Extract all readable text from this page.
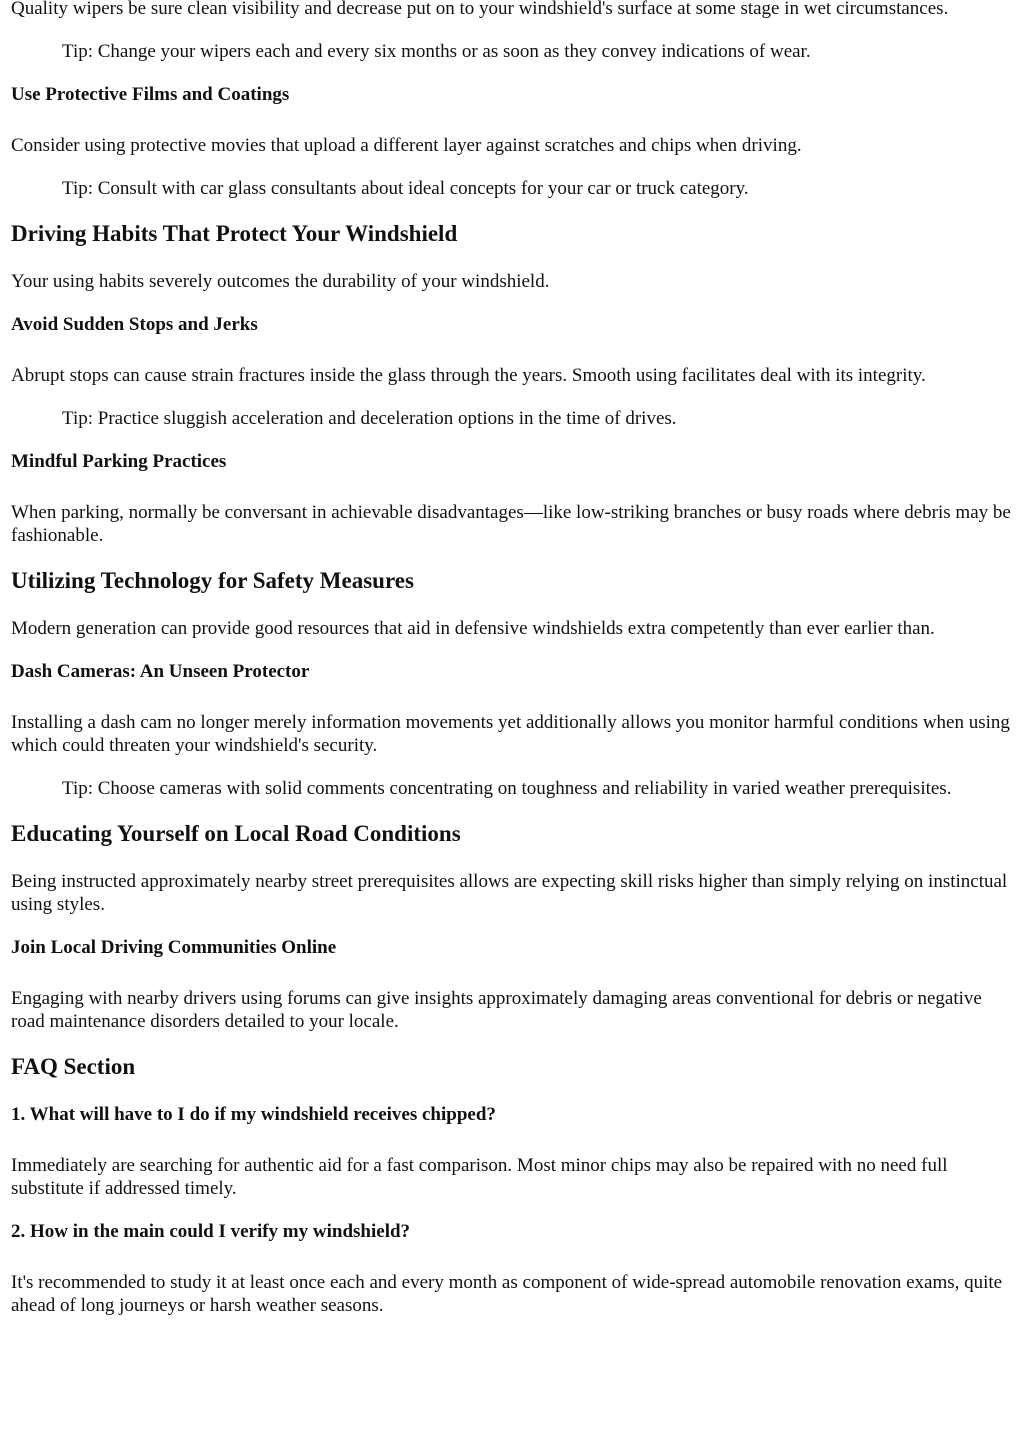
Quality wipers be sure clean visibility and decrease put on to your windshield's surface at some stage in wet circumstances.

Tip: Change your wipers each and every six months or as soon as they convey indications of wear.

Use Protective Films and Coatings

Consider using protective movies that upload a different layer against scratches and chips when driving.

Tip: Consult with car glass consultants about ideal concepts for your car or truck category.

Driving Habits That Protect Your Windshield

Your using habits severely outcomes the durability of your windshield.

Avoid Sudden Stops and Jerks

Abrupt stops can cause strain fractures inside the glass through the years. Smooth using facilitates deal with its integrity.

Tip: Practice sluggish acceleration and deceleration options in the time of drives.

Mindful Parking Practices

When parking, normally be conversant in achievable disadvantages—like low-striking branches or busy roads where debris may be fashionable.

Utilizing Technology for Safety Measures

Modern generation can provide good resources that aid in defensive windshields extra competently than ever earlier than.

Dash Cameras: An Unseen Protector

Installing a dash cam no longer merely information movements yet additionally allows you monitor harmful conditions when using which could threaten your windshield's security.

Tip: Choose cameras with solid comments concentrating on toughness and reliability in varied weather prerequisites.

Educating Yourself on Local Road Conditions

Being instructed approximately nearby street prerequisites allows are expecting skill risks higher than simply relying on instinctual using styles.

Join Local Driving Communities Online

Engaging with nearby drivers using forums can give insights approximately damaging areas conventional for debris or negative road maintenance disorders detailed to your locale.

FAQ Section
1. What will have to I do if my windshield receives chipped?

Immediately are searching for authentic aid for a fast comparison. Most minor chips may also be repaired with no need full substitute if addressed timely.

2. How in the main could I verify my windshield?

It's recommended to study it at least once each and every month as component of wide-spread automobile renovation exams, quite ahead of long journeys or harsh weather seasons.
